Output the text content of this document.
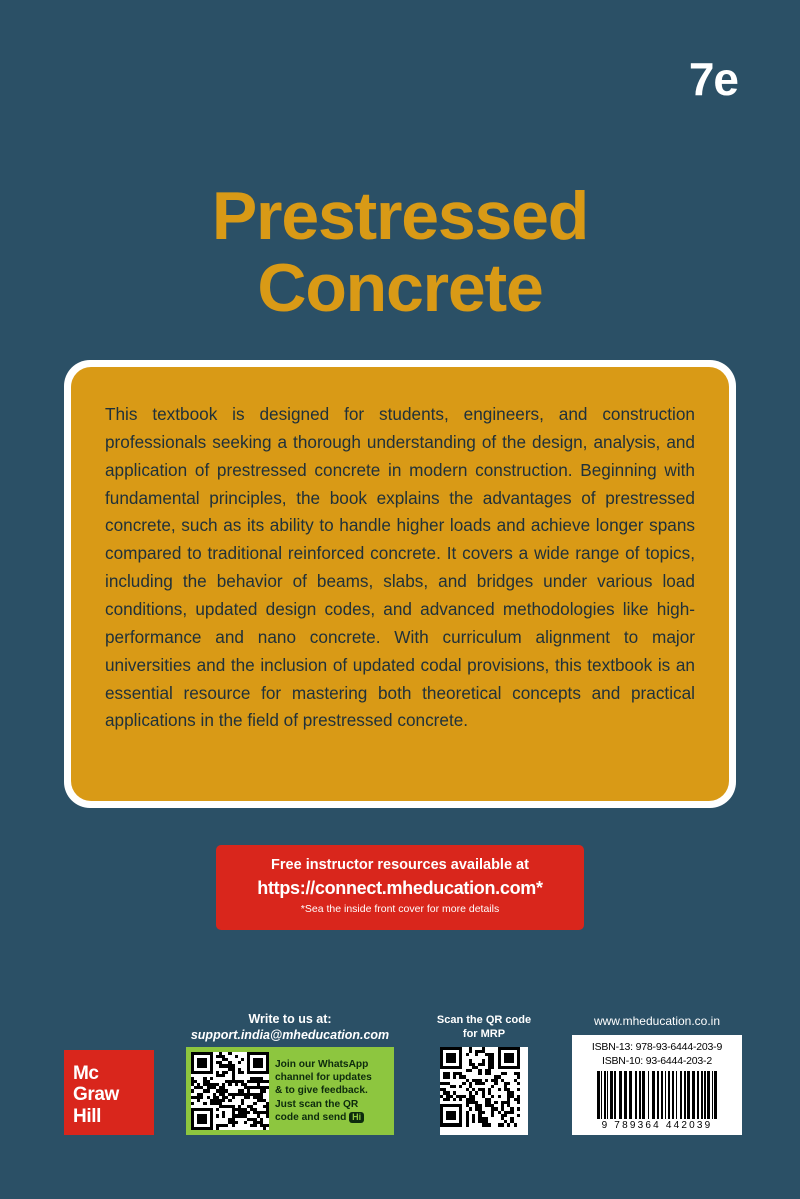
7e
Prestressed
Concrete

This textbook is designed for students, engineers, and construction professionals seeking a thorough understanding of the design, analysis, and application of prestressed concrete in modern construction. Beginning with fundamental principles, the book explains the advantages of prestressed concrete, such as its ability to handle higher loads and achieve longer spans compared to traditional reinforced concrete. It covers a wide range of topics, including the behavior of beams, slabs, and bridges under various load conditions, updated design codes, and advanced methodologies like high-performance and nano concrete. With curriculum alignment to major universities and the inclusion of updated codal provisions, this textbook is an essential resource for mastering both theoretical concepts and practical applications in the field of prestressed concrete.

Free instructor resources available at
https://connect.mheducation.com*
*Sea the inside front cover for more details
Mc
Graw
Hill
Write to us at:
support.india@mheducation.com
Join our WhatsApp
channel for updates
& to give feedback.
Just scan the QR
code and send Hi
Scan the QR code
for MRP
www.mheducation.co.in
ISBN-13: 978-93-6444-203-9
ISBN-10: 93-6444-203-2
9 789364 442039
